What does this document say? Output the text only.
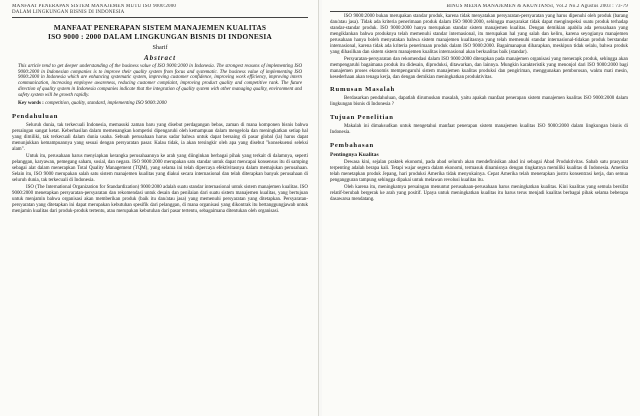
MANFAAT PENERAPAN SISTEM MANAJEMEN MUTU ISO 9000:2000
DALAM LINGKUNGAN BISNIS DI INDONESIA
MANFAAT PENERAPAN SISTEM MANAJEMEN KUALITAS
ISO 9000 : 2000 DALAM LINGKUNGAN BISNIS DI INDONESIA
Sharif
Abstract
This article tend to get deeper understanding of the business value of ISO 9000:2000 in Indonesia. The strongest reasons of implementing ISO 9000:2000 in Indonesian companies is to improve their quality system from focus and systematic. The business value of implementing ISO 9000:2000 in Indonesia which are enhancing systematic system, improving customer confidence, improving work efficiency, improving intern communication, increasing employee awareness, reducing customer complaint, improving product quality and competitive rank. The future direction of quality system in Indonesia companies indicate that the integration of quality system with other managing quality, environment and safety system will be growth rapidly.
Key words : competition, quality, standard, implementing ISO 9000:2000
Pendahuluan

Seluruh dunia, tak terkecuali Indonesia, memasuki zaman baru yang disebut perdagangan bebas, zaman di mana komponen bisnis bahwa persaingan sangat ketat. Keberhasilan dalam memenangkan kompetisi dipengaruhi oleh kemampuan dalam mengelola dan meningkatkan setiap hal yang dimiliki, tak terkecuali dalam dunia usaha. Sebuah perusahaan harus sadar bahwa untuk dapat bersaing di pasar global (ia) harus dapat menunjukkan kemampuannya yang sesuai dengan persyaratan pasar. Kalau tidak, ia akan tersingkir oleh apa yang disebut "konsekuensi seleksi alam".

Untuk itu, perusahaan harus menyiapkan kerangka perusahaannya ke arah yang diinginkan berbagai pihak yang terkait di dalamnya, seperti pelanggan, karyawan, pemegang saham, sosial, dan negara. ISO 9000:2000 merupakan satu standar untuk dapat mencapai konsensus itu di samping sebagai alat dalam menerapkan Total Quality Management (TQM), yang selama ini telah dipercaya efektivitasnya dalam memajukan perusahaan. Selain itu, ISO 9000 merupakan salah satu sistem manajemen kualitas yang diakui secara internasional dan telah diterapkan banyak perusahaan di seluruh dunia, tak terkecuali di Indonesia.

ISO (The International Organization for Standardization) 9000:2000 adalah suatu standar internasional untuk sistem manajemen kualitas. ISO 9000:2000 menetapkan persyaratan-persyaratan dan rekomendasi untuk desain dan penilaian dari suatu sistem manajemen kualitas, yang bertujuan untuk menjamin bahwa organisasi akan memberikan produk (baik itu dan/atau jasa) yang memenuhi persyaratan yang ditetapkan. Persyaratan-persyaratan yang ditetapkan ini dapat merupakan kebutuhan spesifik dari pelanggan, di mana organisasi yang dikontrak itu bertanggungjawab untuk menjamin kualitas dari produk-produk tertentu, atau merupakan kebutuhan dari pasar tertentu, sebagaimana ditentukan oleh organisasi.

BINUS MEDIA MANAJEMEN & AKUNTANSI, Vol.2 No.2 Agustus 2003 : 73-79

ISO 9000:2000 bukan merupakan standar produk, karena tidak menyatakan persyaratan-persyaratan yang harus dipenuhi oleh produk (barang dan/atau jasa). Tidak ada kriteria penerimaan produk dalam ISO 9000:2000, sehingga masyarakat tidak dapat menginspeksi suatu produk terhadap standar-standar produk. ISO 9000:2000 hanya merupakan standar sistem manajemen kualitas. Dengan demikian apabila ada perusahaan yang mengiklankan bahwa produknya telah memenuhi standar internasional, itu merupakan hal yang salah dan keliru, karena seyogianya manajemen perusahaan hanya boleh menyatakan bahwa sistem manajemen kualitasnya yang telah memenuhi standar internasional-tidakan produk berstandar internasional, karena tidak ada kriteria penerimaan produk dalam ISO 9000:2000. Bagaimanapun diharapkan, meskipun tidak selalu, bahwa produk yang dihasilkan dan sistem sistem manajemen kualitas internasional akan berkualitas baik (standar).

Persyaratan-persyaratan dan rekomendasi dalam ISO 9000:2000 diterapkan pada manajemen organisasi yang menerapk produk, sehingga akan mempengaruhi bagaimana produk itu didesain, diproduksi, ditawarkan, dan lainnya. Mungkin karakteristik yang menonjol dari ISO 9000:2000 bagi manajemen proses ekonomis mempengaruhi sistem manajemen kualitas produksi dan pengiriman, menggunakan pemborosan, waktu mati mesin, kesederhaan akan tenaga kerja, dan dengan demikian meningkatkan produktivitas.

Rumusan Masalah

Berdasarkan pendahuluan, dapatlah dirumuskan masalah, yaitu apakah manfaat penerapan sistem manajemen kualitas ISO 9000:2000 dalam lingkungan bisnis di Indonesia ?

Tujuan Penelitian

Makalah ini dimaksudkan untuk mengetahui manfaat penerapan sistem manajemen kualitas ISO 9000:2000 dalam lingkungan bisnis di Indonesia.

Pembahasan
Pentingnya Kualitas

Dewasa kini, sejalan praktek ekonomi, pada abad seluruh akan mendefinisikan abad ini sebagai Abad Produktivitas. Sabab satu prasyarat terpenting adalah berapa kali. Tetapi wajar segera dalam ekonomi, termasuk dinamisnya dengan tingkatnya memiliki kualitas di Indonesia. Amerika telah menetapkan produk Jepang, hari produksi Amerika tidak menyukainya. Cepat Amerika telah menerapkan justru konsentrasi kerja, dan semua pengangguran tampung sehingga dipakai untuk melawan revolusi kualitas itu.

Oleh karena itu, meningkatnya persaingan menuntut perusahaan-perusahaan harus meningkatkan kualitas. Kini kualitas yang semula bersifat relatif-berubah bergerak ke arah yang positif. Upaya untuk meningkatkan kualitas itu harus terus menjadi kualitas berbagai pihak selama beberapa dasawarsa mendatang.
